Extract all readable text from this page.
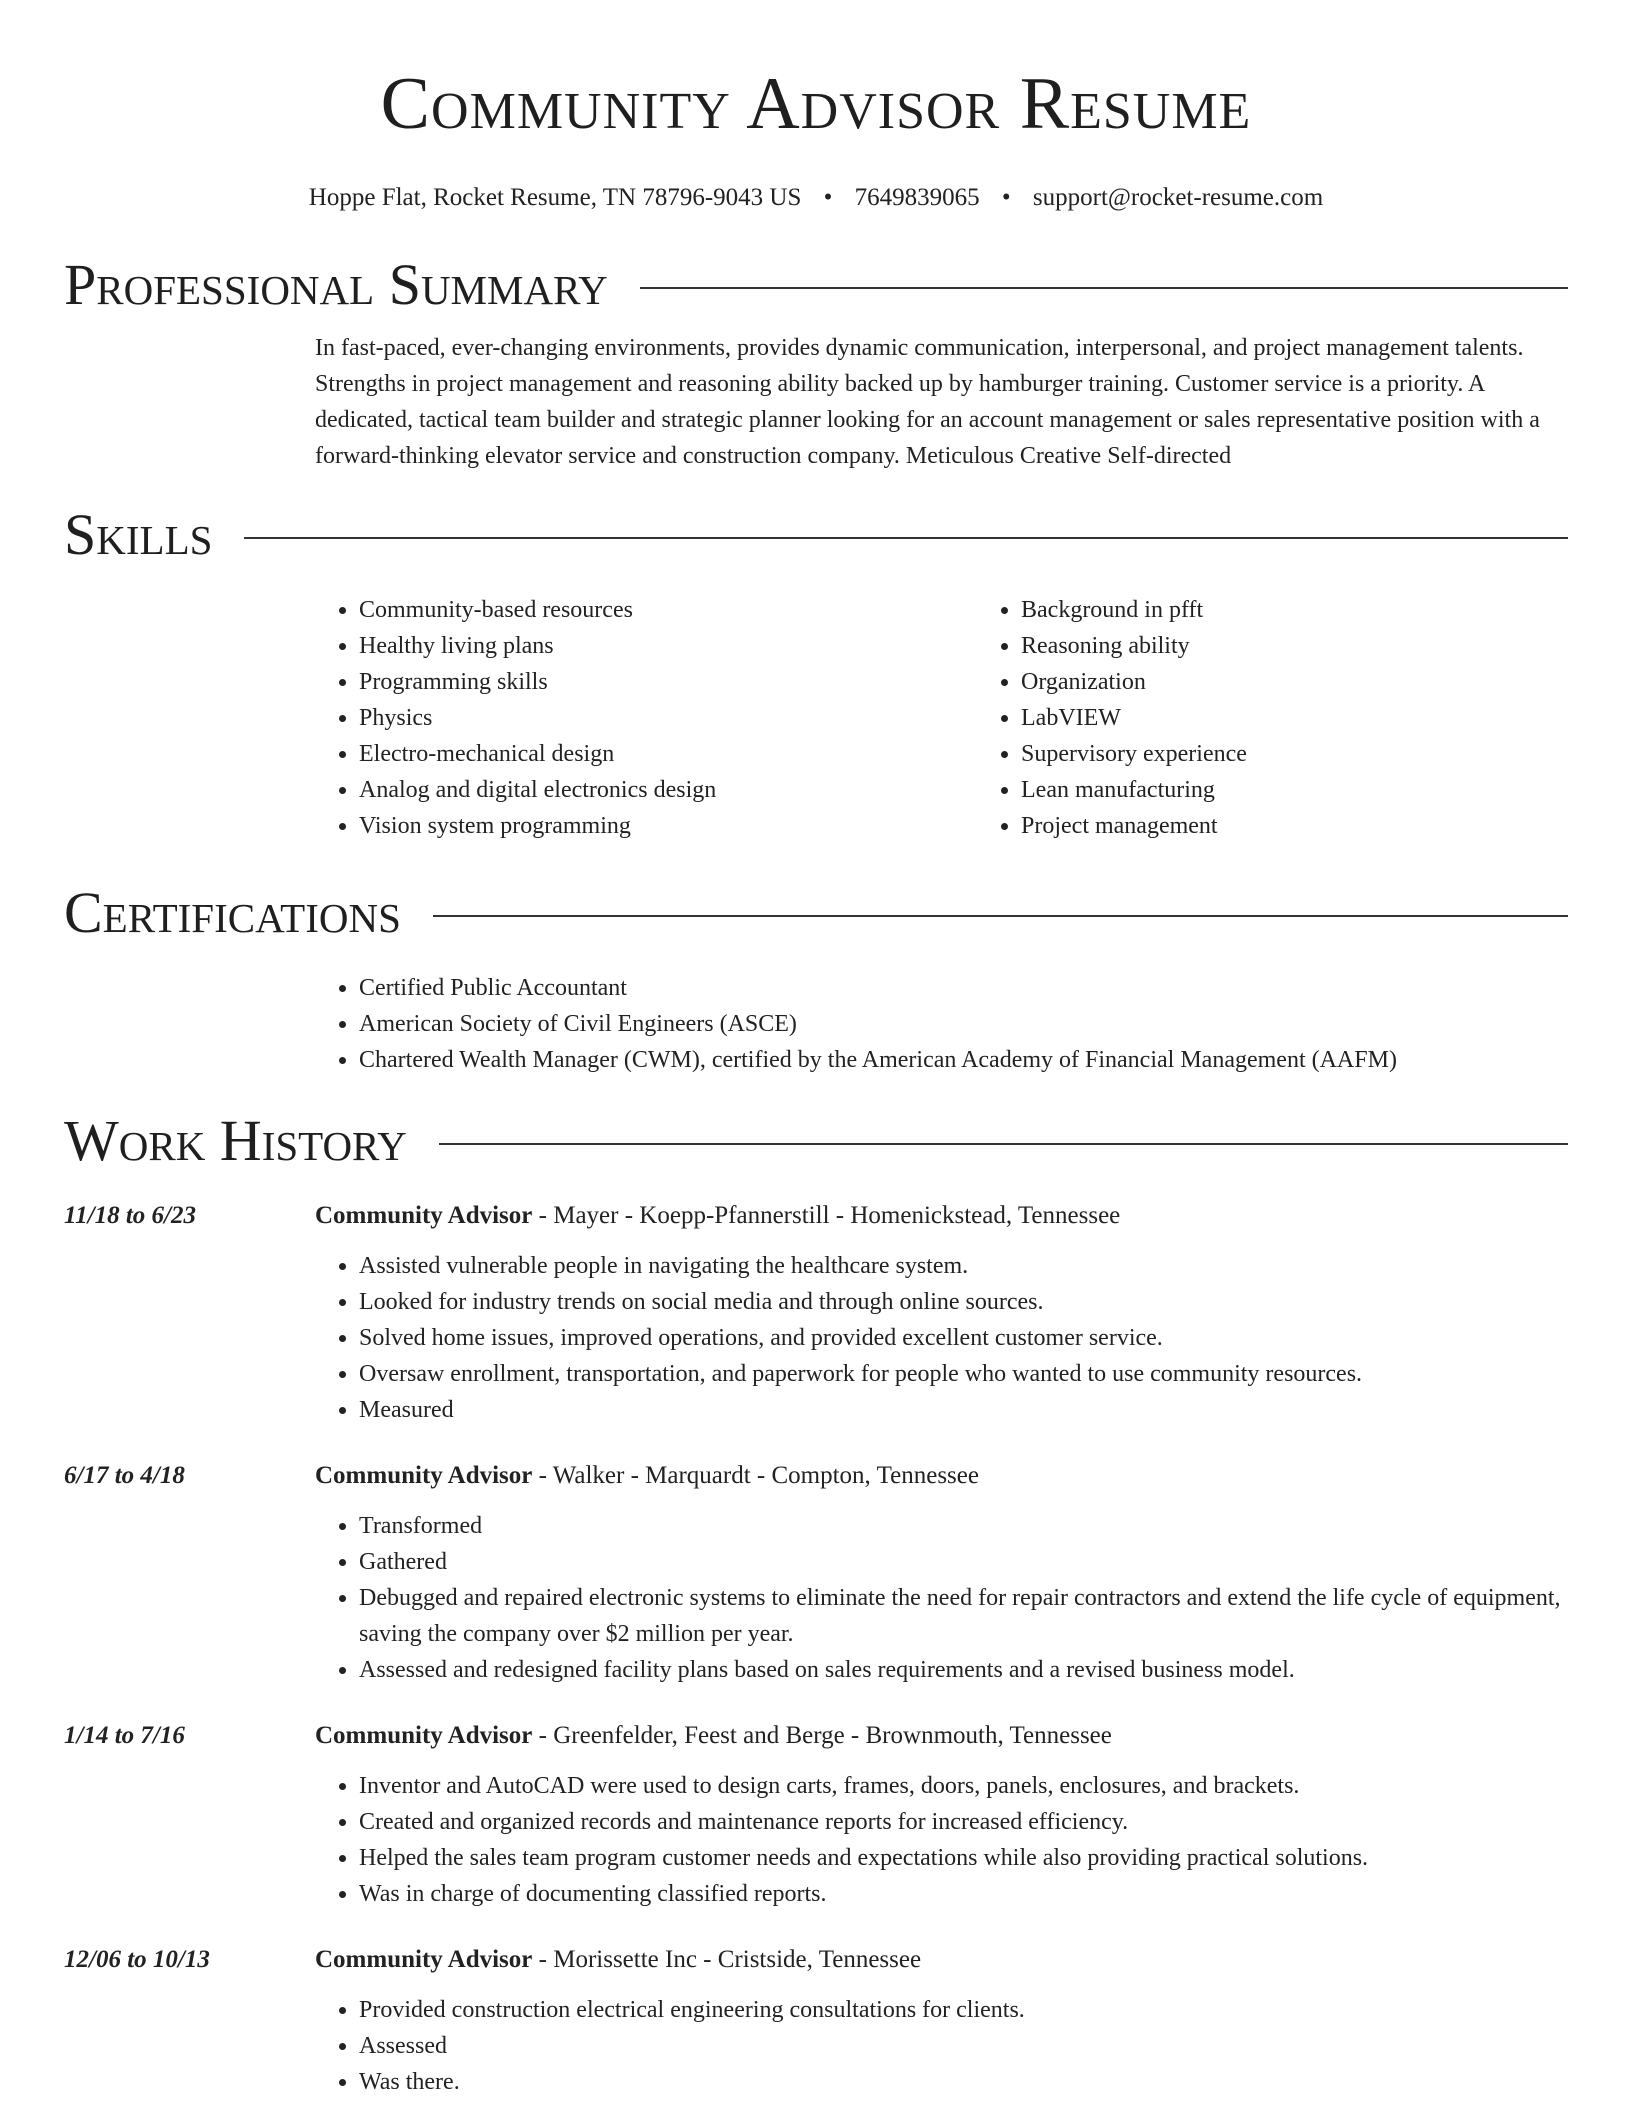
Community Advisor Resume
Hoppe Flat, Rocket Resume, TN 78796-9043 US • 7649839065 • support@rocket-resume.com
Professional Summary

In fast-paced, ever-changing environments, provides dynamic communication, interpersonal, and project management talents. Strengths in project management and reasoning ability backed up by hamburger training. Customer service is a priority. A dedicated, tactical team builder and strategic planner looking for an account management or sales representative position with a forward-thinking elevator service and construction company. Meticulous Creative Self-directed

Skills
• Community-based resources
• Healthy living plans
• Programming skills
• Physics
• Electro-mechanical design
• Analog and digital electronics design
• Vision system programming
• Background in pfft
• Reasoning ability
• Organization
• LabVIEW
• Supervisory experience
• Lean manufacturing
• Project management
Certifications
• Certified Public Accountant
• American Society of Civil Engineers (ASCE)
• Chartered Wealth Manager (CWM), certified by the American Academy of Financial Management (AAFM)
Work History
11/18 to 6/23	Community Advisor - Mayer - Koepp-Pfannerstill - Homenickstead, Tennessee
• Assisted vulnerable people in navigating the healthcare system.
• Looked for industry trends on social media and through online sources.
• Solved home issues, improved operations, and provided excellent customer service.
• Oversaw enrollment, transportation, and paperwork for people who wanted to use community resources.
• Measured
6/17 to 4/18	Community Advisor - Walker - Marquardt - Compton, Tennessee
• Transformed
• Gathered
• Debugged and repaired electronic systems to eliminate the need for repair contractors and extend the life cycle of equipment, saving the company over $2 million per year.
• Assessed and redesigned facility plans based on sales requirements and a revised business model.
1/14 to 7/16	Community Advisor - Greenfelder, Feest and Berge - Brownmouth, Tennessee
• Inventor and AutoCAD were used to design carts, frames, doors, panels, enclosures, and brackets.
• Created and organized records and maintenance reports for increased efficiency.
• Helped the sales team program customer needs and expectations while also providing practical solutions.
• Was in charge of documenting classified reports.
12/06 to 10/13	Community Advisor - Morissette Inc - Cristside, Tennessee
• Provided construction electrical engineering consultations for clients.
• Assessed
• Was there.
